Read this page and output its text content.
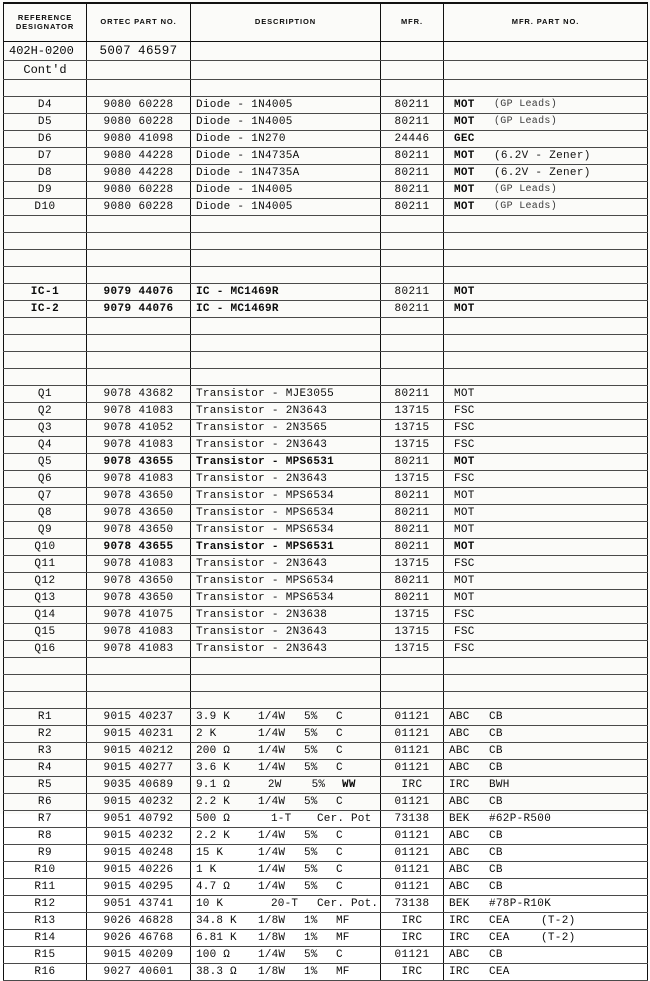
REFERENCE
DESIGNATOR	ORTEC PART NO.	DESCRIPTION	MFR.	MFR. PART NO.
402H-0200	5007 46597			
Cont'd				

D4	9080 60228	Diode - 1N4005	80211	MOT (GP Leads)

D5	9080 60228	Diode - 1N4005	80211	MOT (GP Leads)

D6	9080 41098	Diode - 1N270	24446	GEC

D7	9080 44228	Diode - 1N4735A	80211	MOT (6.2V - Zener)

D8	9080 44228	Diode - 1N4735A	80211	MOT (6.2V - Zener)

D9	9080 60228	Diode - 1N4005	80211	MOT (GP Leads)

D10	9080 60228	Diode - 1N4005	80211	MOT (GP Leads)

IC-1	9079 44076	IC - MC1469R	80211	MOT

IC-2	9079 44076	IC - MC1469R	80211	MOT

Q1	9078 43682	Transistor - MJE3055	80211	MOT

Q2	9078 41083	Transistor - 2N3643	13715	FSC

Q3	9078 41052	Transistor - 2N3565	13715	FSC

Q4	9078 41083	Transistor - 2N3643	13715	FSC

Q5	9078 43655	Transistor - MPS6531	80211	MOT

Q6	9078 41083	Transistor - 2N3643	13715	FSC

Q7	9078 43650	Transistor - MPS6534	80211	MOT

Q8	9078 43650	Transistor - MPS6534	80211	MOT

Q9	9078 43650	Transistor - MPS6534	80211	MOT

Q10	9078 43655	Transistor - MPS6531	80211	MOT

Q11	9078 41083	Transistor - 2N3643	13715	FSC

Q12	9078 43650	Transistor - MPS6534	80211	MOT

Q13	9078 43650	Transistor - MPS6534	80211	MOT

Q14	9078 41075	Transistor - 2N3638	13715	FSC

Q15	9078 41083	Transistor - 2N3643	13715	FSC

Q16	9078 41083	Transistor - 2N3643	13715	FSC

R1	9015 40237	3.9 K 1/4W 5% C	01121	ABC CB

R2	9015 40231	2 K 1/4W 5% C	01121	ABC CB

R3	9015 40212	200 Ω 1/4W 5% C	01121	ABC CB

R4	9015 40277	3.6 K 1/4W 5% C	01121	ABC CB

R5	9035 40689	9.1 Ω 2W 5% WW	IRC	IRC BWH

R6	9015 40232	2.2 K 1/4W 5% C	01121	ABC CB

R7	9051 40792	500 Ω 1-T Cer. Pot	73138	BEK #62P-R500

R8	9015 40232	2.2 K 1/4W 5% C	01121	ABC CB

R9	9015 40248	15 K 1/4W 5% C	01121	ABC CB

R10	9015 40226	1 K 1/4W 5% C	01121	ABC CB

R11	9015 40295	4.7 Ω 1/4W 5% C	01121	ABC CB

R12	9051 43741	10 K 20-T Cer. Pot.	73138	BEK #78P-R10K

R13	9026 46828	34.8 K 1/8W 1% MF	IRC	IRC CEA (T-2)

R14	9026 46768	6.81 K 1/8W 1% MF	IRC	IRC CEA (T-2)

R15	9015 40209	100 Ω 1/4W 5% C	01121	ABC CB

R16	9027 40601	38.3 Ω 1/8W 1% MF	IRC	IRC CEA
